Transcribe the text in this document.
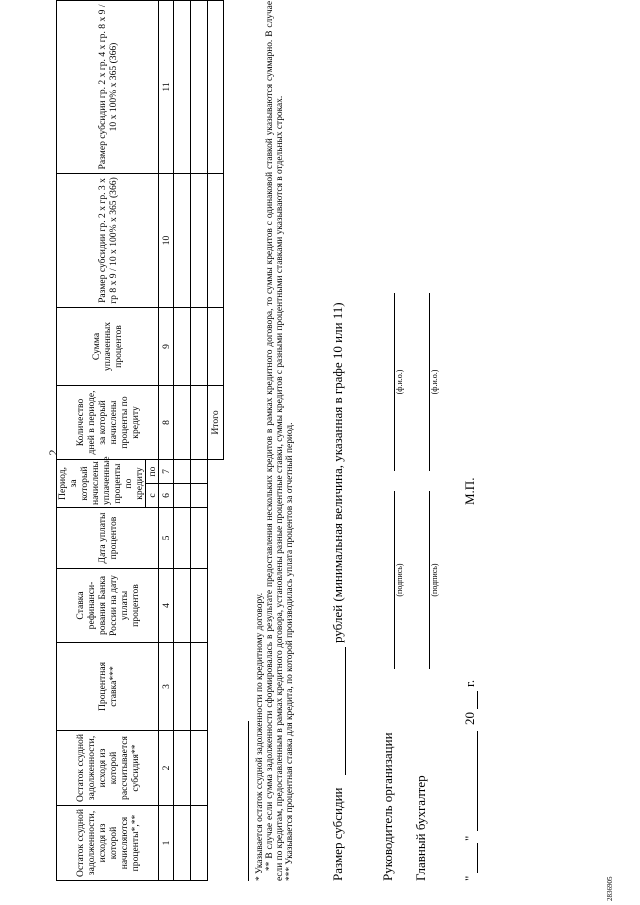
2
Остаток ссудной задолженности, исходя из которой начисляются проценты*,**	Остаток ссудной задолженности, исходя из которой рассчитывается субсидия**	Процентная ставка***	Ставка рефинанси-рования Банка России на дату уплаты процентов	Дата уплаты процентов	Период, за который начислены уплаченные проценты по кредиту		Количество дней в периоде, за который начислены проценты по кредиту	Сумма уплаченных процентов	Размер субсидии гр. 2 х гр. 3 х гр 8 х 9 / 10 х 100% х 365 (366)	Размер субсидии гр. 2 х гр. 4 х гр. 8 х 9 / 10 х 100% х 365 (366)	
					с	по					
1	2	3	4	5	6	7	8	9	10	11	

							Итого				

* Указывается остаток ссудной задолженности по кредитному договору. ** В случае если сумма задолженности сформировалась в результате предоставления нескольких кредитов в рамках кредитного договора, то суммы кредитов с одинаковой ставкой указываются суммарно. В случае если по кредитам, предоставленным в рамках кредитного договора, установлены разные процентные ставки, суммы кредитов с разными процентными ставками указываются в отдельных строках. *** Указывается процентная ставка для кредита, по которой производилась уплата процентов за отчетный период.	Размер субсидии
рублей (минимальная величина, указанная в графе 10 или 11)
Руководитель организации
(подпись)
(ф.и.о.)
Главный бухгалтер
(подпись)
(ф.и.о.)
"
"
20
г.
М.П.
2836905
